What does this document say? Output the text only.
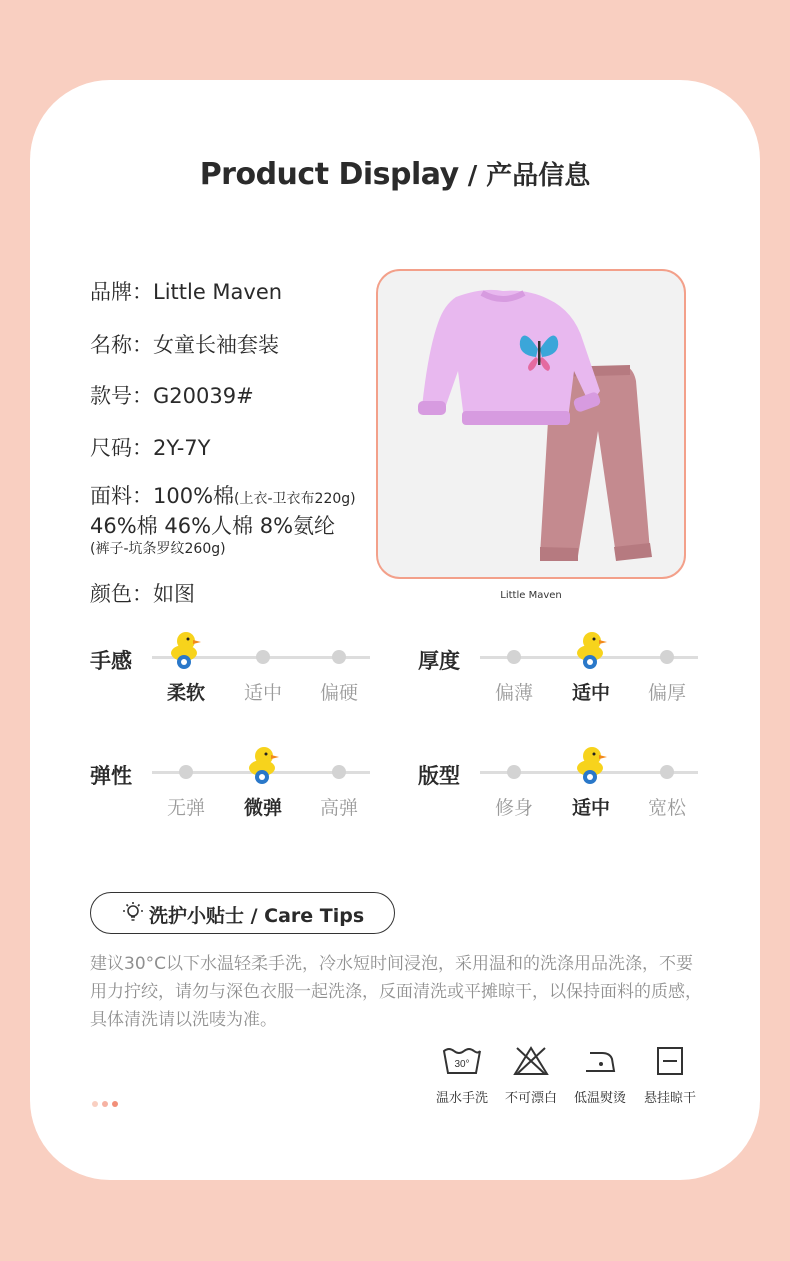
Product Display / 产品信息
品牌：Little Maven
名称：女童长袖套装
款号：G20039#
尺码：2Y-7Y
面料：100%棉(上衣-卫衣布220g)
46%棉 46%人棉 8%氨纶
(裤子-坑条罗纹260g)
颜色：如图	Little Maven
手感
柔软 适中 偏硬
厚度
偏薄 适中 偏厚
弹性
无弹 微弹 高弹
版型
修身 适中 宽松
洗护小贴士 / Care Tips
建议30°C以下水温轻柔手洗，冷水短时间浸泡，采用温和的洗涤用品洗涤，不要用力拧绞，请勿与深色衣服一起洗涤，反面清洗或平摊晾干，以保持面料的质感，具体清洗请以洗唛为准。
30°
温水手洗 不可漂白 低温熨烫 悬挂晾干
